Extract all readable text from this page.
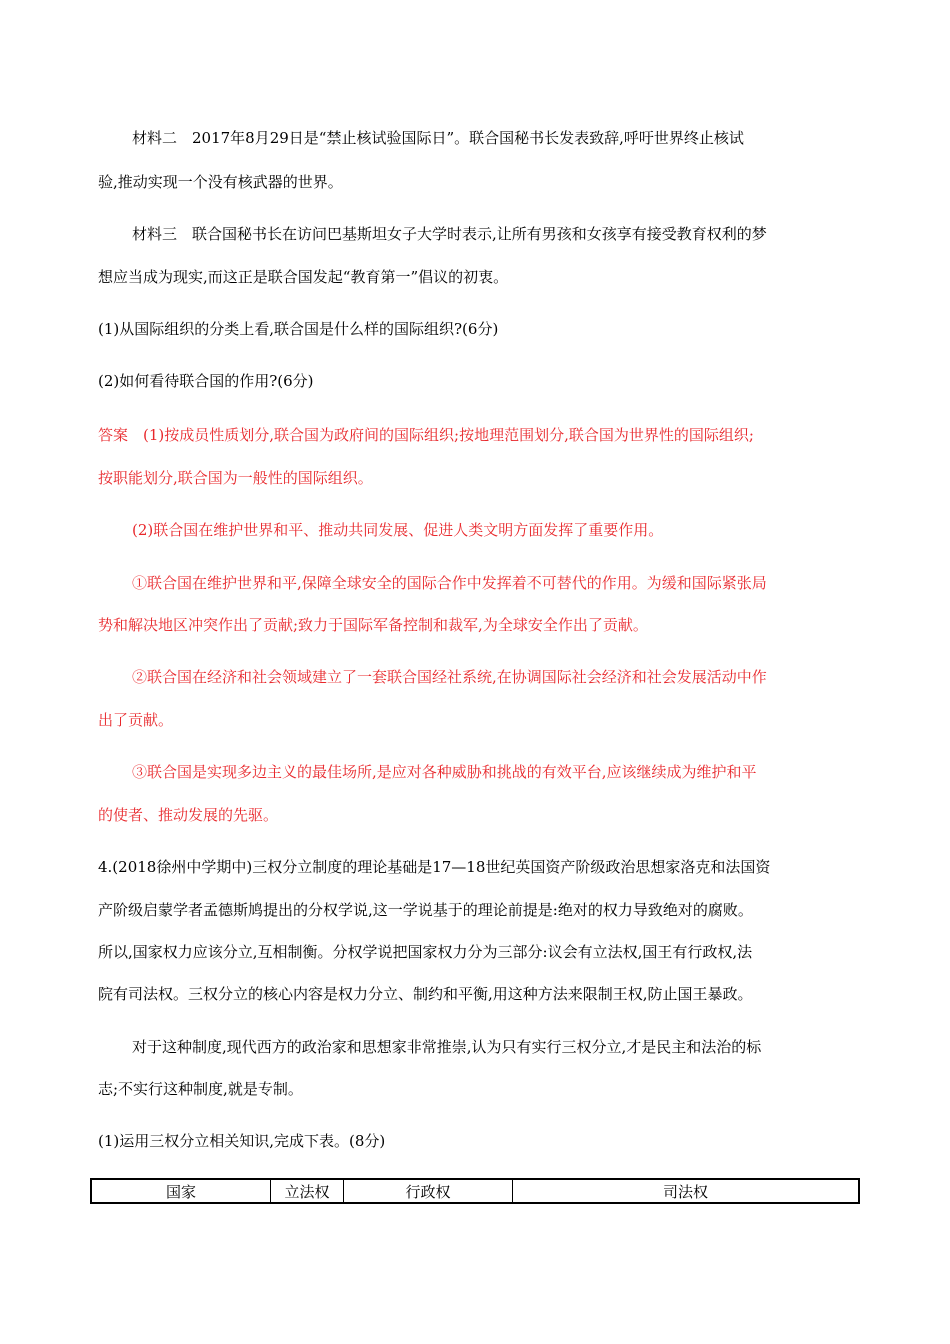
材料二　2017年8月29日是“禁止核试验国际日”。联合国秘书长发表致辞,呼吁世界终止核试
验,推动实现一个没有核武器的世界。
材料三　联合国秘书长在访问巴基斯坦女子大学时表示,让所有男孩和女孩享有接受教育权利的梦
想应当成为现实,而这正是联合国发起“教育第一”倡议的初衷。
(1)从国际组织的分类上看,联合国是什么样的国际组织?(6分)
(2)如何看待联合国的作用?(6分)
答案　(1)按成员性质划分,联合国为政府间的国际组织;按地理范围划分,联合国为世界性的国际组织;
按职能划分,联合国为一般性的国际组织。
(2)联合国在维护世界和平、推动共同发展、促进人类文明方面发挥了重要作用。
①联合国在维护世界和平,保障全球安全的国际合作中发挥着不可替代的作用。为缓和国际紧张局
势和解决地区冲突作出了贡献;致力于国际军备控制和裁军,为全球安全作出了贡献。
②联合国在经济和社会领域建立了一套联合国经社系统,在协调国际社会经济和社会发展活动中作
出了贡献。
③联合国是实现多边主义的最佳场所,是应对各种威胁和挑战的有效平台,应该继续成为维护和平
的使者、推动发展的先驱。
4.(2018徐州中学期中)三权分立制度的理论基础是17—18世纪英国资产阶级政治思想家洛克和法国资
产阶级启蒙学者孟德斯鸠提出的分权学说,这一学说基于的理论前提是:绝对的权力导致绝对的腐败。
所以,国家权力应该分立,互相制衡。分权学说把国家权力分为三部分:议会有立法权,国王有行政权,法
院有司法权。三权分立的核心内容是权力分立、制约和平衡,用这种方法来限制王权,防止国王暴政。
对于这种制度,现代西方的政治家和思想家非常推崇,认为只有实行三权分立,才是民主和法治的标
志;不实行这种制度,就是专制。
(1)运用三权分立相关知识,完成下表。(8分)
国家	立法权	行政权	司法权
